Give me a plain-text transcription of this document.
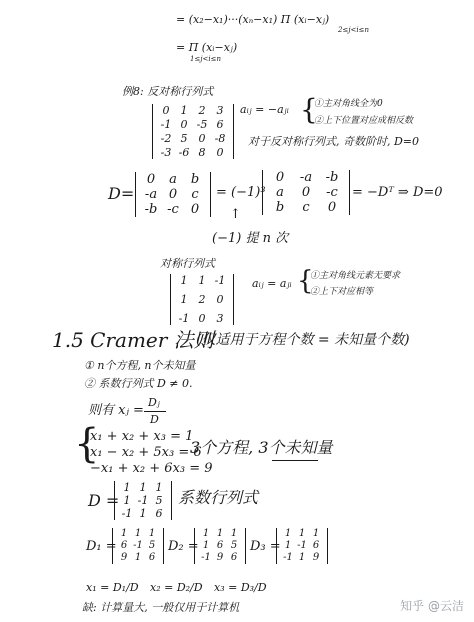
= (x₂−x₁)···(xₙ−x₁) Π (xᵢ−xⱼ)
2≤j<i≤n
= Π (xᵢ−xⱼ)
1≤j<i≤n
例8: 反对称行列式
0	1	2	3
-1 0 -5 6
-2 5	0 -8
-3 -6 8	0
aᵢⱼ = −aⱼᵢ {
①主对角线全为0
②上下位置对应成相反数
对于反对称行列式, 奇数阶时, D=0
D=
0	a	b
-a 0	c
-b -c 0
= (−1)³
0	-a	-b
a	0	-c
b	c	0
= −Dᵀ ⇒ D=0
↑
(−1) 提 n 次
对称行列式
1	1 -1
1	2	0
-1 0	3
aᵢⱼ = aⱼᵢ {
①主对角线元素无要求
②上下对应相等
1.5 Cramer 法则
(仅适用于方程个数 = 未知量个数)
① n个方程, n个未知量
② 系数行列式 D ≠ 0.
则有 xⱼ =
Dⱼ
D
{
x₁ + x₂ + x₃ = 1
x₁ − x₂ + 5x₃ = 6
−x₁ + x₂ + 6x₃ = 9
3个方程, 3个未知量
D =
1 1 1
1 -1 5
-1 1 6
系数行列式
D₁ =
1 1 1
6 -1 5
9 1 6
D₂ =
1 1 1
1 6 5
-1 9 6
D₃ =
1 1 1
1 -1 6
-1 1 9
x₁ = D₁/D x₂ = D₂/D x₃ = D₃/D
缺: 计算量大, 一般仅用于计算机	知乎 @云洁
